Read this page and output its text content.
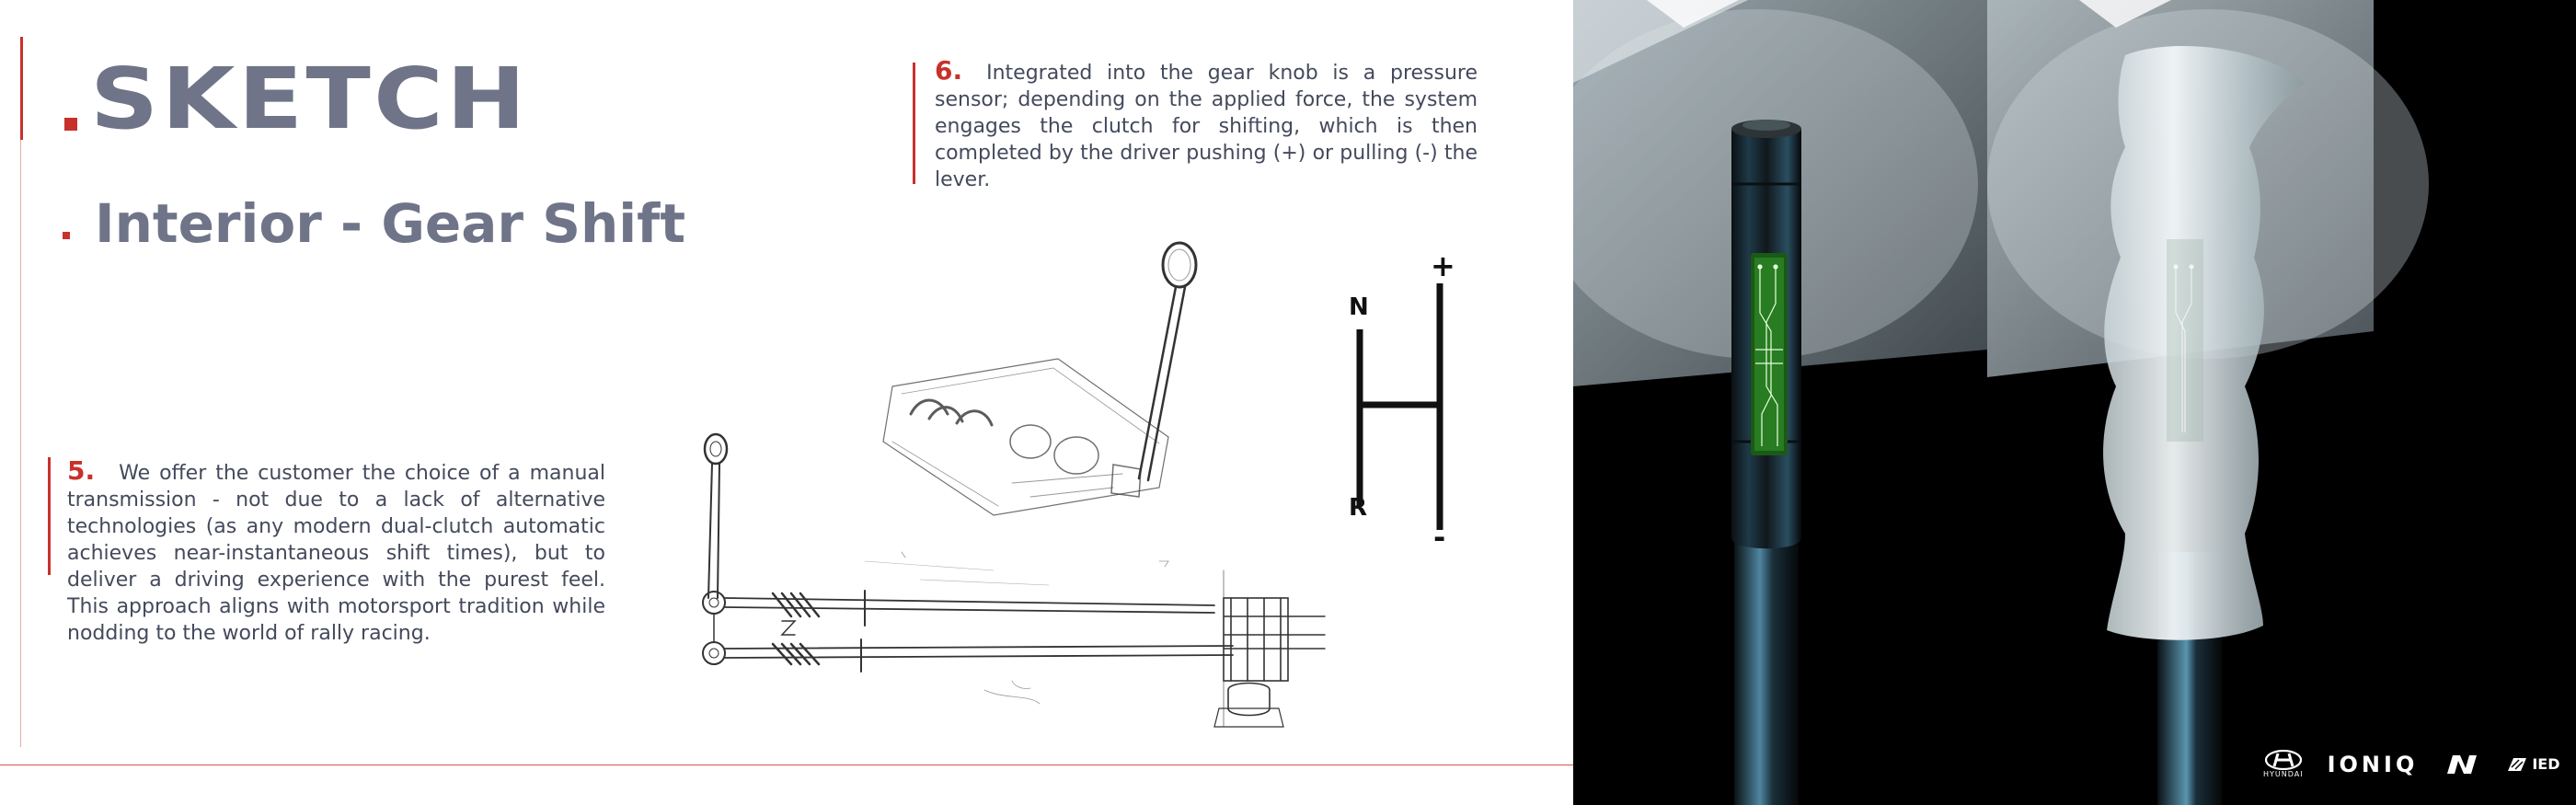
SKETCH
Interior - Gear Shift
5. We offer the customer the choice of a manual transmission - not due to a lack of alternative technologies (as any modern dual-clutch automatic achieves near-instantaneous shift times), but to deliver a driving experience with the purest feel. This approach aligns with motorsport tradition while nodding to the world of rally racing.
6. Integrated into the gear knob is a pressure sensor; depending on the applied force, the system engages the clutch for shifting, which is then completed by the driver pushing (+) or pulling (-) the lever.
+
N
R
-
HYUNDAI IONIQ	IED
